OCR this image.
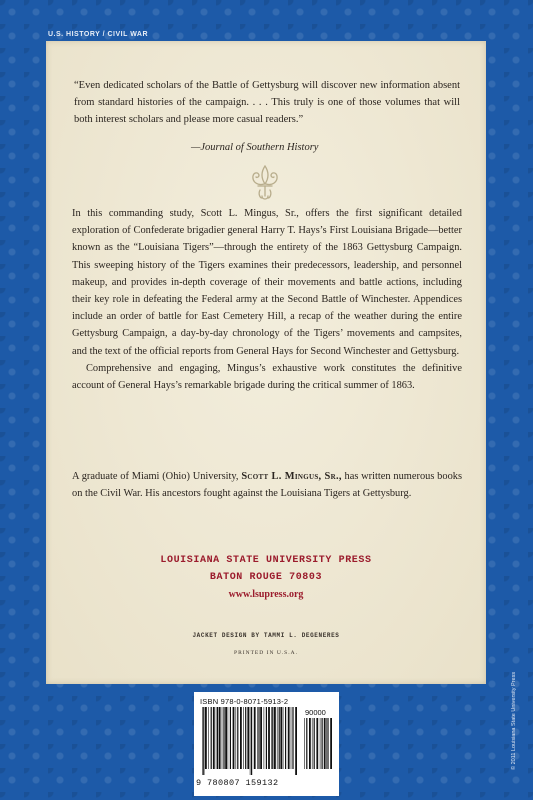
U.S. HISTORY / CIVIL WAR
“Even dedicated scholars of the Battle of Gettysburg will discover new information absent from standard histories of the campaign. . . . This truly is one of those volumes that will both interest scholars and please more casual readers.”
—Journal of Southern History

In this commanding study, Scott L. Mingus, Sr., offers the first significant detailed exploration of Confederate brigadier general Harry T. Hays’s First Louisiana Brigade—better known as the “Louisiana Tigers”—through the entirety of the 1863 Gettysburg Campaign. This sweeping history of the Tigers examines their predecessors, leadership, and personnel makeup, and provides in-depth coverage of their movements and battle actions, including their key role in defeating the Federal army at the Second Battle of Winchester. Appendices include an order of battle for East Cemetery Hill, a recap of the weather during the entire Gettysburg Campaign, a day-by-day chronology of the Tigers’ movements and campsites, and the text of the official reports from General Hays for Second Winchester and Gettysburg.

Comprehensive and engaging, Mingus’s exhaustive work constitutes the definitive account of General Hays’s remarkable brigade during the critical summer of 1863.

A graduate of Miami (Ohio) University, Scott L. Mingus, Sr., has written numerous books on the Civil War. His ancestors fought against the Louisiana Tigers at Gettysburg.
LOUISIANA STATE UNIVERSITY PRESS
BATON ROUGE 70803
www.lsupress.org
JACKET DESIGN BY TAMMI L. DEGENERES
PRINTED IN U.S.A.
© 2011 Louisiana State University Press
ISBN 978-0-8071-5913-2
90000
9 780807 159132
